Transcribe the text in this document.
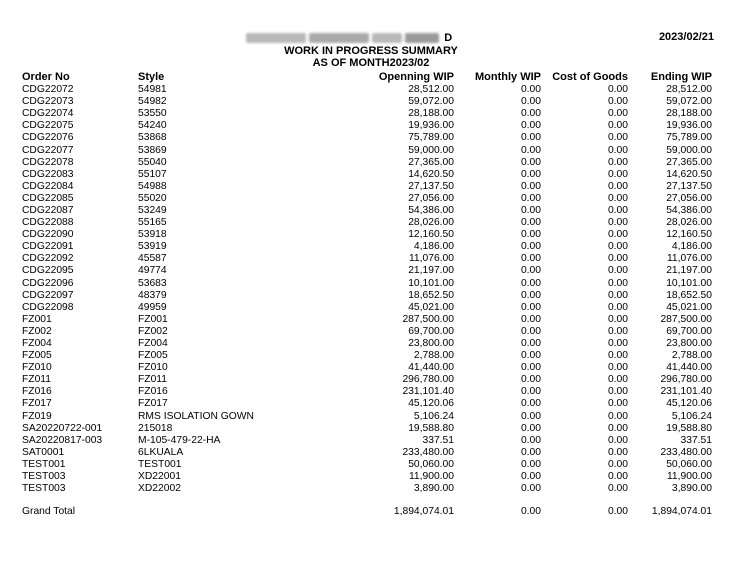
D	2023/02/21
WORK IN PROGRESS SUMMARY
AS OF MONTH2023/02
Order No	Style	Openning WIP	Monthly WIP	Cost of Goods	Ending WIP
CDG22072	54981	28,512.00	0.00	0.00	28,512.00
CDG22073	54982	59,072.00	0.00	0.00	59,072.00
CDG22074	53550	28,188.00	0.00	0.00	28,188.00
CDG22075	54240	19,936.00	0.00	0.00	19,936.00
CDG22076	53868	75,789.00	0.00	0.00	75,789.00
CDG22077	53869	59,000.00	0.00	0.00	59,000.00
CDG22078	55040	27,365.00	0.00	0.00	27,365.00
CDG22083	55107	14,620.50	0.00	0.00	14,620.50
CDG22084	54988	27,137.50	0.00	0.00	27,137.50
CDG22085	55020	27,056.00	0.00	0.00	27,056.00
CDG22087	53249	54,386.00	0.00	0.00	54,386.00
CDG22088	55165	28,026.00	0.00	0.00	28,026.00
CDG22090	53918	12,160.50	0.00	0.00	12,160.50
CDG22091	53919	4,186.00	0.00	0.00	4,186.00
CDG22092	45587	11,076.00	0.00	0.00	11,076.00
CDG22095	49774	21,197.00	0.00	0.00	21,197.00
CDG22096	53683	10,101.00	0.00	0.00	10,101.00
CDG22097	48379	18,652.50	0.00	0.00	18,652.50
CDG22098	49959	45,021.00	0.00	0.00	45,021.00
FZ001	FZ001	287,500.00	0.00	0.00	287,500.00
FZ002	FZ002	69,700.00	0.00	0.00	69,700.00
FZ004	FZ004	23,800.00	0.00	0.00	23,800.00
FZ005	FZ005	2,788.00	0.00	0.00	2,788.00
FZ010	FZ010	41,440.00	0.00	0.00	41,440.00
FZ011	FZ011	296,780.00	0.00	0.00	296,780.00
FZ016	FZ016	231,101.40	0.00	0.00	231,101.40
FZ017	FZ017	45,120.06	0.00	0.00	45,120.06
FZ019	RMS ISOLATION GOWN	5,106.24	0.00	0.00	5,106.24
SA20220722-001	215018	19,588.80	0.00	0.00	19,588.80
SA20220817-003	M-105-479-22-HA	337.51	0.00	0.00	337.51
SAT0001	6LKUALA	233,480.00	0.00	0.00	233,480.00
TEST001	TEST001	50,060.00	0.00	0.00	50,060.00
TEST003	XD22001	11,900.00	0.00	0.00	11,900.00
TEST003	XD22002	3,890.00	0.00	0.00	3,890.00

Grand Total		1,894,074.01	0.00	0.00	1,894,074.01
